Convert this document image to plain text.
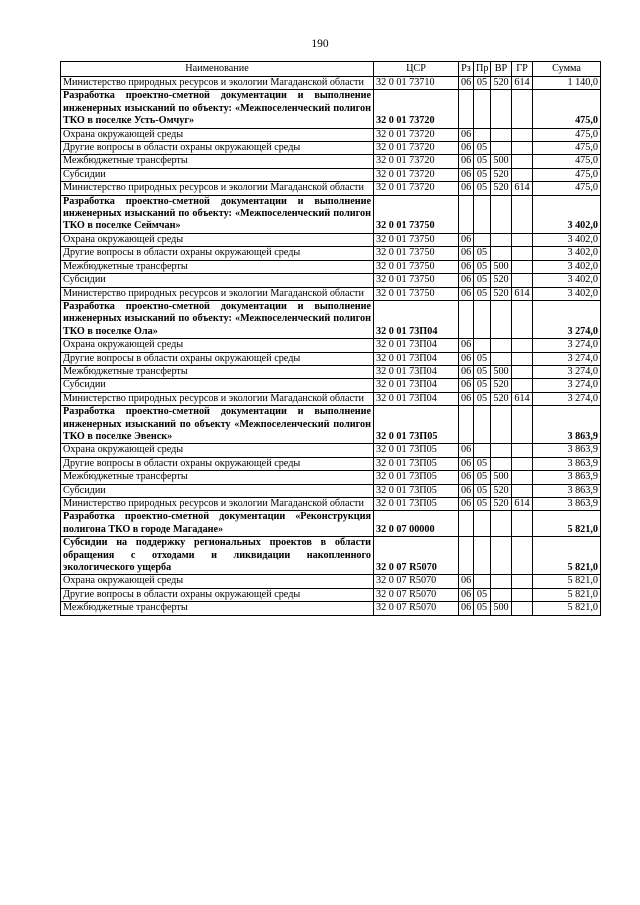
190
Наименование	ЦСР	Рз	Пр	ВР	ГР	Сумма
Министерство природных ресурсов и экологии Магаданской области	32 0 01 73710	06	05	520	614	1 140,0
Разработка проектно-сметной документации и выполнение инженерных изысканий по объекту: «Межпоселенческий полигон ТКО в поселке Усть-Омчуг»	32 0 01 73720					475,0
Охрана окружающей среды	32 0 01 73720	06				475,0
Другие вопросы в области охраны окружающей среды	32 0 01 73720	06	05			475,0
Межбюджетные трансферты	32 0 01 73720	06	05	500		475,0
Субсидии	32 0 01 73720	06	05	520		475,0
Министерство природных ресурсов и экологии Магаданской области	32 0 01 73720	06	05	520	614	475,0
Разработка проектно-сметной документации и выполнение инженерных изысканий по объекту: «Межпоселенческий полигон ТКО в поселке Сеймчан»	32 0 01 73750					3 402,0
Охрана окружающей среды	32 0 01 73750	06				3 402,0
Другие вопросы в области охраны окружающей среды	32 0 01 73750	06	05			3 402,0
Межбюджетные трансферты	32 0 01 73750	06	05	500		3 402,0
Субсидии	32 0 01 73750	06	05	520		3 402,0
Министерство природных ресурсов и экологии Магаданской области	32 0 01 73750	06	05	520	614	3 402,0
Разработка проектно-сметной документации и выполнение инженерных изысканий по объекту: «Межпоселенческий полигон ТКО в поселке Ола»	32 0 01 73П04					3 274,0
Охрана окружающей среды	32 0 01 73П04	06				3 274,0
Другие вопросы в области охраны окружающей среды	32 0 01 73П04	06	05			3 274,0
Межбюджетные трансферты	32 0 01 73П04	06	05	500		3 274,0
Субсидии	32 0 01 73П04	06	05	520		3 274,0
Министерство природных ресурсов и экологии Магаданской области	32 0 01 73П04	06	05	520	614	3 274,0
Разработка проектно-сметной документации и выполнение инженерных изысканий по объекту «Межпоселенческий полигон ТКО в поселке Эвенск»	32 0 01 73П05					3 863,9
Охрана окружающей среды	32 0 01 73П05	06				3 863,9
Другие вопросы в области охраны окружающей среды	32 0 01 73П05	06	05			3 863,9
Межбюджетные трансферты	32 0 01 73П05	06	05	500		3 863,9
Субсидии	32 0 01 73П05	06	05	520		3 863,9
Министерство природных ресурсов и экологии Магаданской области	32 0 01 73П05	06	05	520	614	3 863,9
Разработка проектно-сметной документации «Реконструкция полигона ТКО в городе Магадане»	32 0 07 00000					5 821,0
Субсидии на поддержку региональных проектов в области обращения с отходами и ликвидации накопленного экологического ущерба	32 0 07 R5070					5 821,0
Охрана окружающей среды	32 0 07 R5070	06				5 821,0
Другие вопросы в области охраны окружающей среды	32 0 07 R5070	06	05			5 821,0
Межбюджетные трансферты	32 0 07 R5070	06	05	500		5 821,0
